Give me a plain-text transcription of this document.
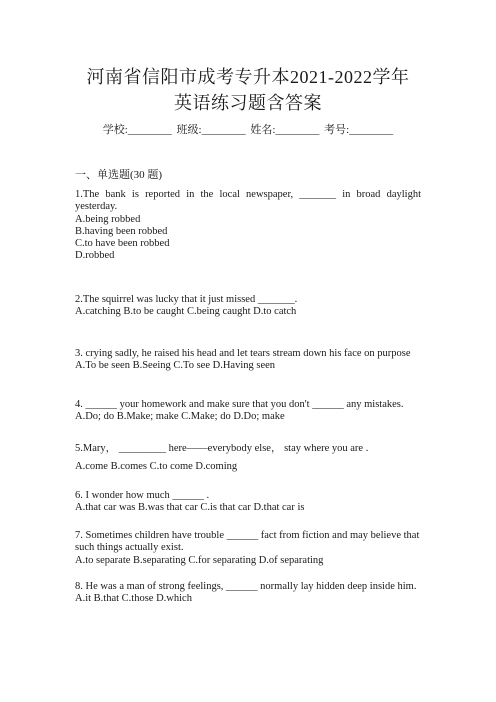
河南省信阳市成考专升本2021-2022学年
英语练习题含答案
学校:________ 班级:________ 姓名:________ 考号:________
一、单选题(30 题)
1.The bank is reported in the local newspaper, _______ in broad daylight yesterday.
A.being robbed
B.having been robbed
C.to have been robbed
D.robbed
2.The squirrel was lucky that it just missed _______.
A.catching B.to be caught C.being caught D.to catch
3. crying sadly, he raised his head and let tears stream down his face on purpose
A.To be seen B.Seeing C.To see D.Having seen
4. ______ your homework and make sure that you don't ______ any mistakes.
A.Do; do B.Make; make C.Make; do D.Do; make
5.Mary， _________ here——everybody else， stay where you are .
A.come B.comes C.to come D.coming
6. I wonder how much ______ .
A.that car was B.was that car C.is that car D.that car is
7. Sometimes children have trouble ______ fact from fiction and may believe that such things actually exist.
A.to separate B.separating C.for separating D.of separating
8. He was a man of strong feelings, ______ normally lay hidden deep inside him.
A.it B.that C.those D.which
